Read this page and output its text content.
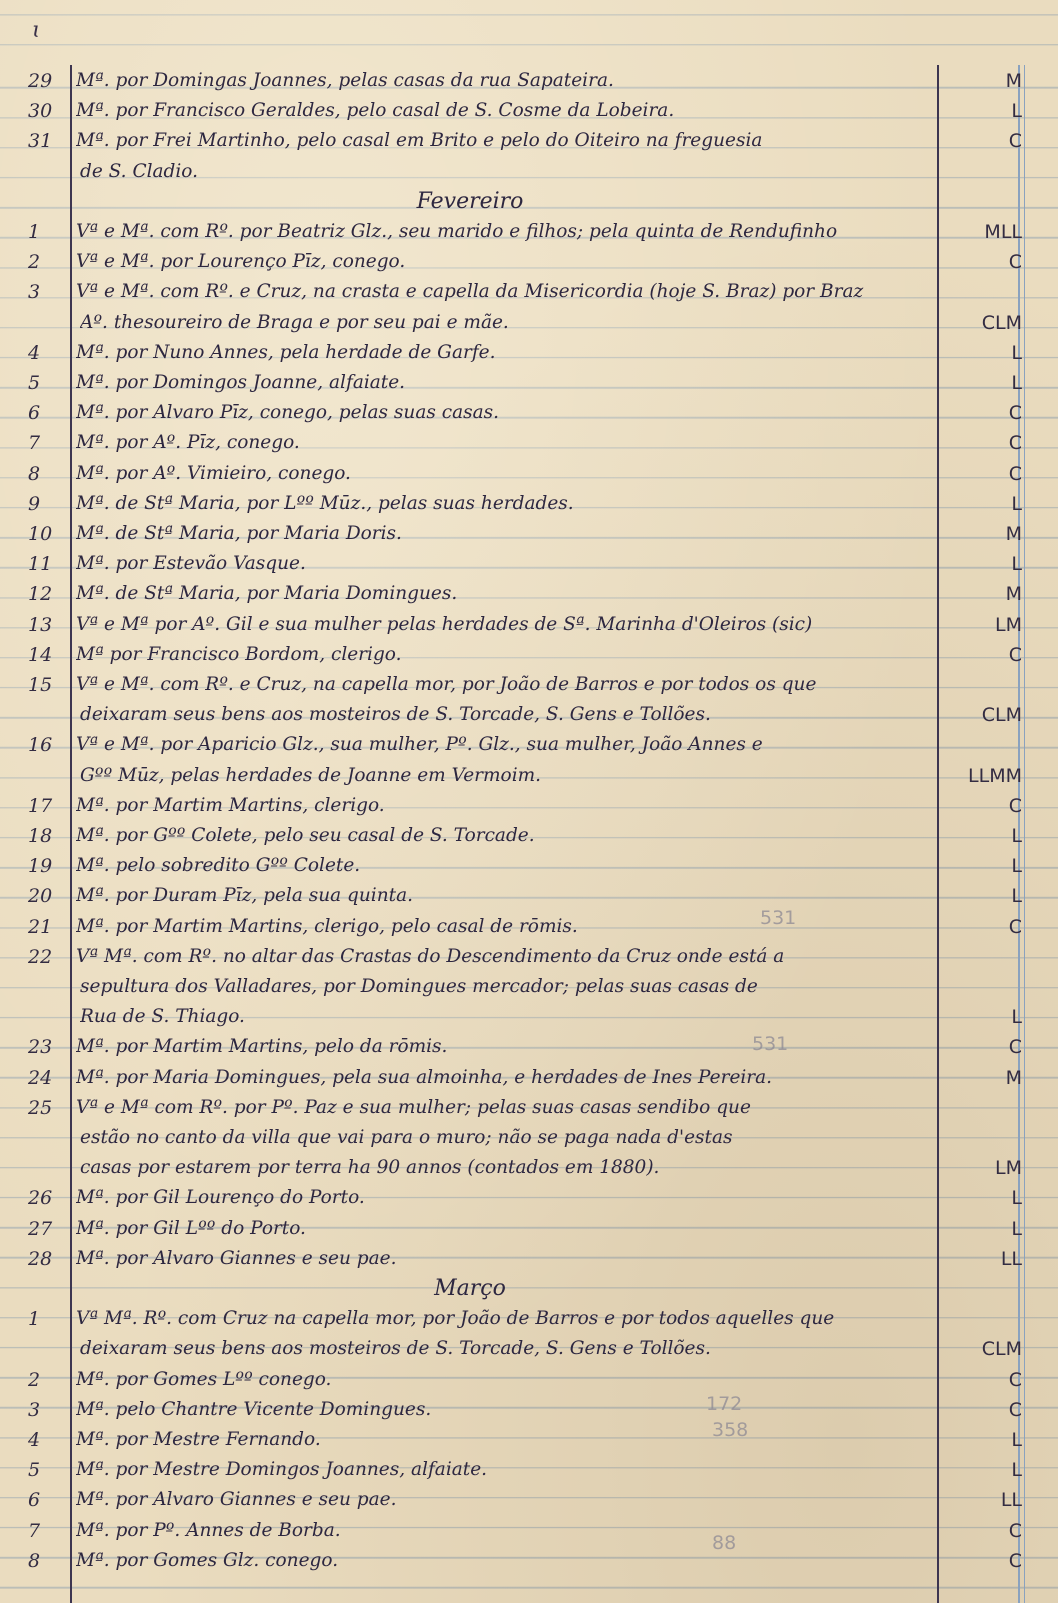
ɩ
29	Mª. por Domingas Joannes, pelas casas da rua Sapateira.	M
30	Mª. por Francisco Geraldes, pelo casal de S. Cosme da Lobeira.	L
31	Mª. por Frei Martinho, pelo casal em Brito e pelo do Oiteiro na freguesia	C
de S. Cladio.
Fevereiro
1	Vª e Mª. com Rº. por Beatriz Glz., seu marido e filhos; pela quinta de Rendufinho	MLL
2	Vª e Mª. por Lourenço Pīz, conego.	C
3	Vª e Mª. com Rº. e Cruz, na crasta e capella da Misericordia (hoje S. Braz) por Braz
Aº. thesoureiro de Braga e por seu pai e mãe.	CLM
4	Mª. por Nuno Annes, pela herdade de Garfe.	L
5	Mª. por Domingos Joanne, alfaiate.	L
6	Mª. por Alvaro Pīz, conego, pelas suas casas.	C
7	Mª. por Aº. Pīz, conego.	C
8	Mª. por Aº. Vimieiro, conego.	C
9	Mª. de Stª Maria, por Lºº Mūz., pelas suas herdades.	L
10	Mª. de Stª Maria, por Maria Doris.	M
11	Mª. por Estevão Vasque.	L
12	Mª. de Stª Maria, por Maria Domingues.	M
13	Vª e Mª por Aº. Gil e sua mulher pelas herdades de Sª. Marinha d'Oleiros (sic)	LM
14	Mª por Francisco Bordom, clerigo.	C
15	Vª e Mª. com Rº. e Cruz, na capella mor, por João de Barros e por todos os que
deixaram seus bens aos mosteiros de S. Torcade, S. Gens e Tollões.	CLM
16	Vª e Mª. por Aparicio Glz., sua mulher, Pº. Glz., sua mulher, João Annes e
Gºº Mūz, pelas herdades de Joanne em Vermoim.	LLMM
17	Mª. por Martim Martins, clerigo.	C
18	Mª. por Gºº Colete, pelo seu casal de S. Torcade.	L
19	Mª. pelo sobredito Gºº Colete.	L
20	Mª. por Duram Pīz, pela sua quinta.	L
21	Mª. por Martim Martins, clerigo, pelo casal de rōmis.	C
22	Vª Mª. com Rº. no altar das Crastas do Descendimento da Cruz onde está a
sepultura dos Valladares, por Domingues mercador; pelas suas casas de
Rua de S. Thiago.	L
23	Mª. por Martim Martins, pelo da rōmis.	C
24	Mª. por Maria Domingues, pela sua almoinha, e herdades de Ines Pereira.	M
25	Vª e Mª com Rº. por Pº. Paz e sua mulher; pelas suas casas sendibo que
estão no canto da villa que vai para o muro; não se paga nada d'estas
casas por estarem por terra ha 90 annos (contados em 1880).	LM
26	Mª. por Gil Lourenço do Porto.	L
27	Mª. por Gil Lºº do Porto.	L
28	Mª. por Alvaro Giannes e seu pae.	LL
Março
1	Vª Mª. Rº. com Cruz na capella mor, por João de Barros e por todos aquelles que
deixaram seus bens aos mosteiros de S. Torcade, S. Gens e Tollões.	CLM
2	Mª. por Gomes Lºº conego.	C
3	Mª. pelo Chantre Vicente Domingues.	C
4	Mª. por Mestre Fernando.	L
5	Mª. por Mestre Domingos Joannes, alfaiate.	L
6	Mª. por Alvaro Giannes e seu pae.	LL
7	Mª. por Pº. Annes de Borba.	C
8	Mª. por Gomes Glz. conego.	C
531
531
172
358
88
